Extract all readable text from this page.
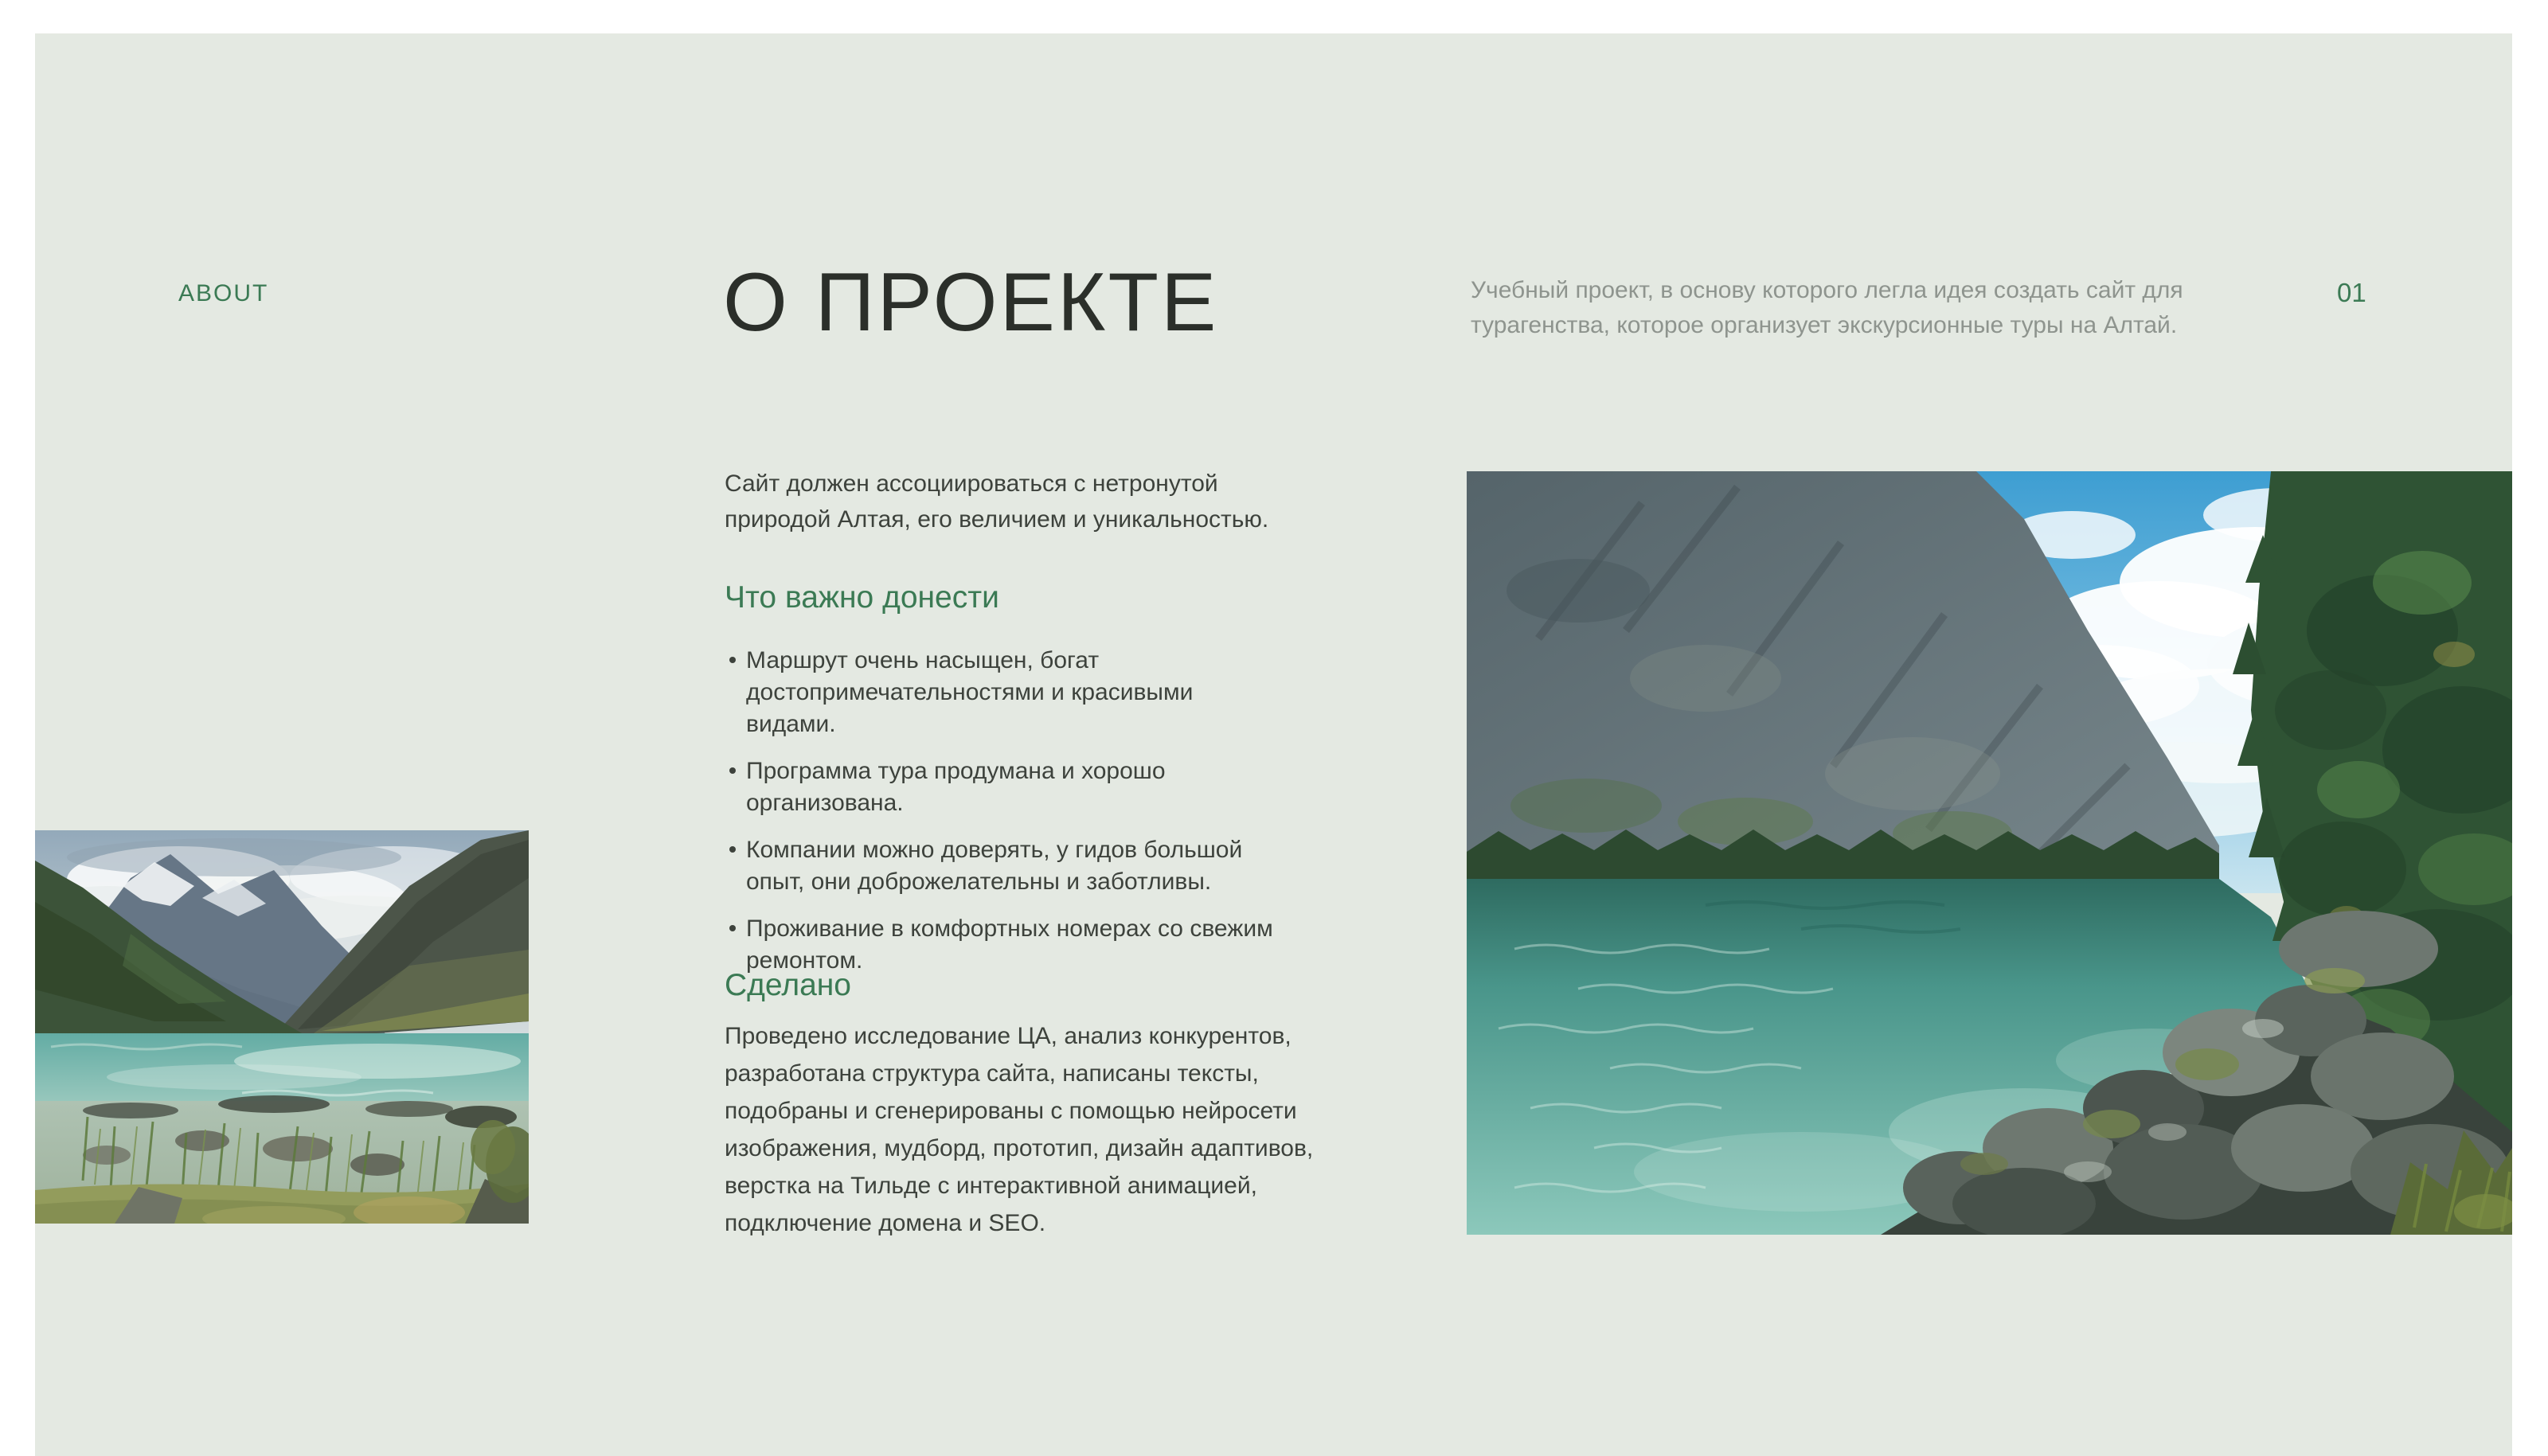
ABOUT	О ПРОЕКТЕ	Учебный проект, в основу которого легла идея создать сайт для турагенства, которое организует экскурсионные туры на Алтай.

01

Сайт должен ассоциироваться с нетронутой природой Алтая, его величием и уникальностью.

Что важно донести
Маршрут очень насыщен, богат достопримечательностями и красивыми видами.
Программа тура продумана и хорошо организована.
Компании можно доверять, у гидов большой опыт, они доброжелательны и заботливы.
Проживание в комфортных номерах со свежим ремонтом.
Сделано

Проведено исследование ЦА, анализ конкурентов, разработана структура сайта, написаны тексты, подобраны и сгенерированы с помощью нейросети изображения, мудборд, прототип, дизайн адаптивов, верстка на Тильде с интерактивной анимацией, подключение домена и SEO.
